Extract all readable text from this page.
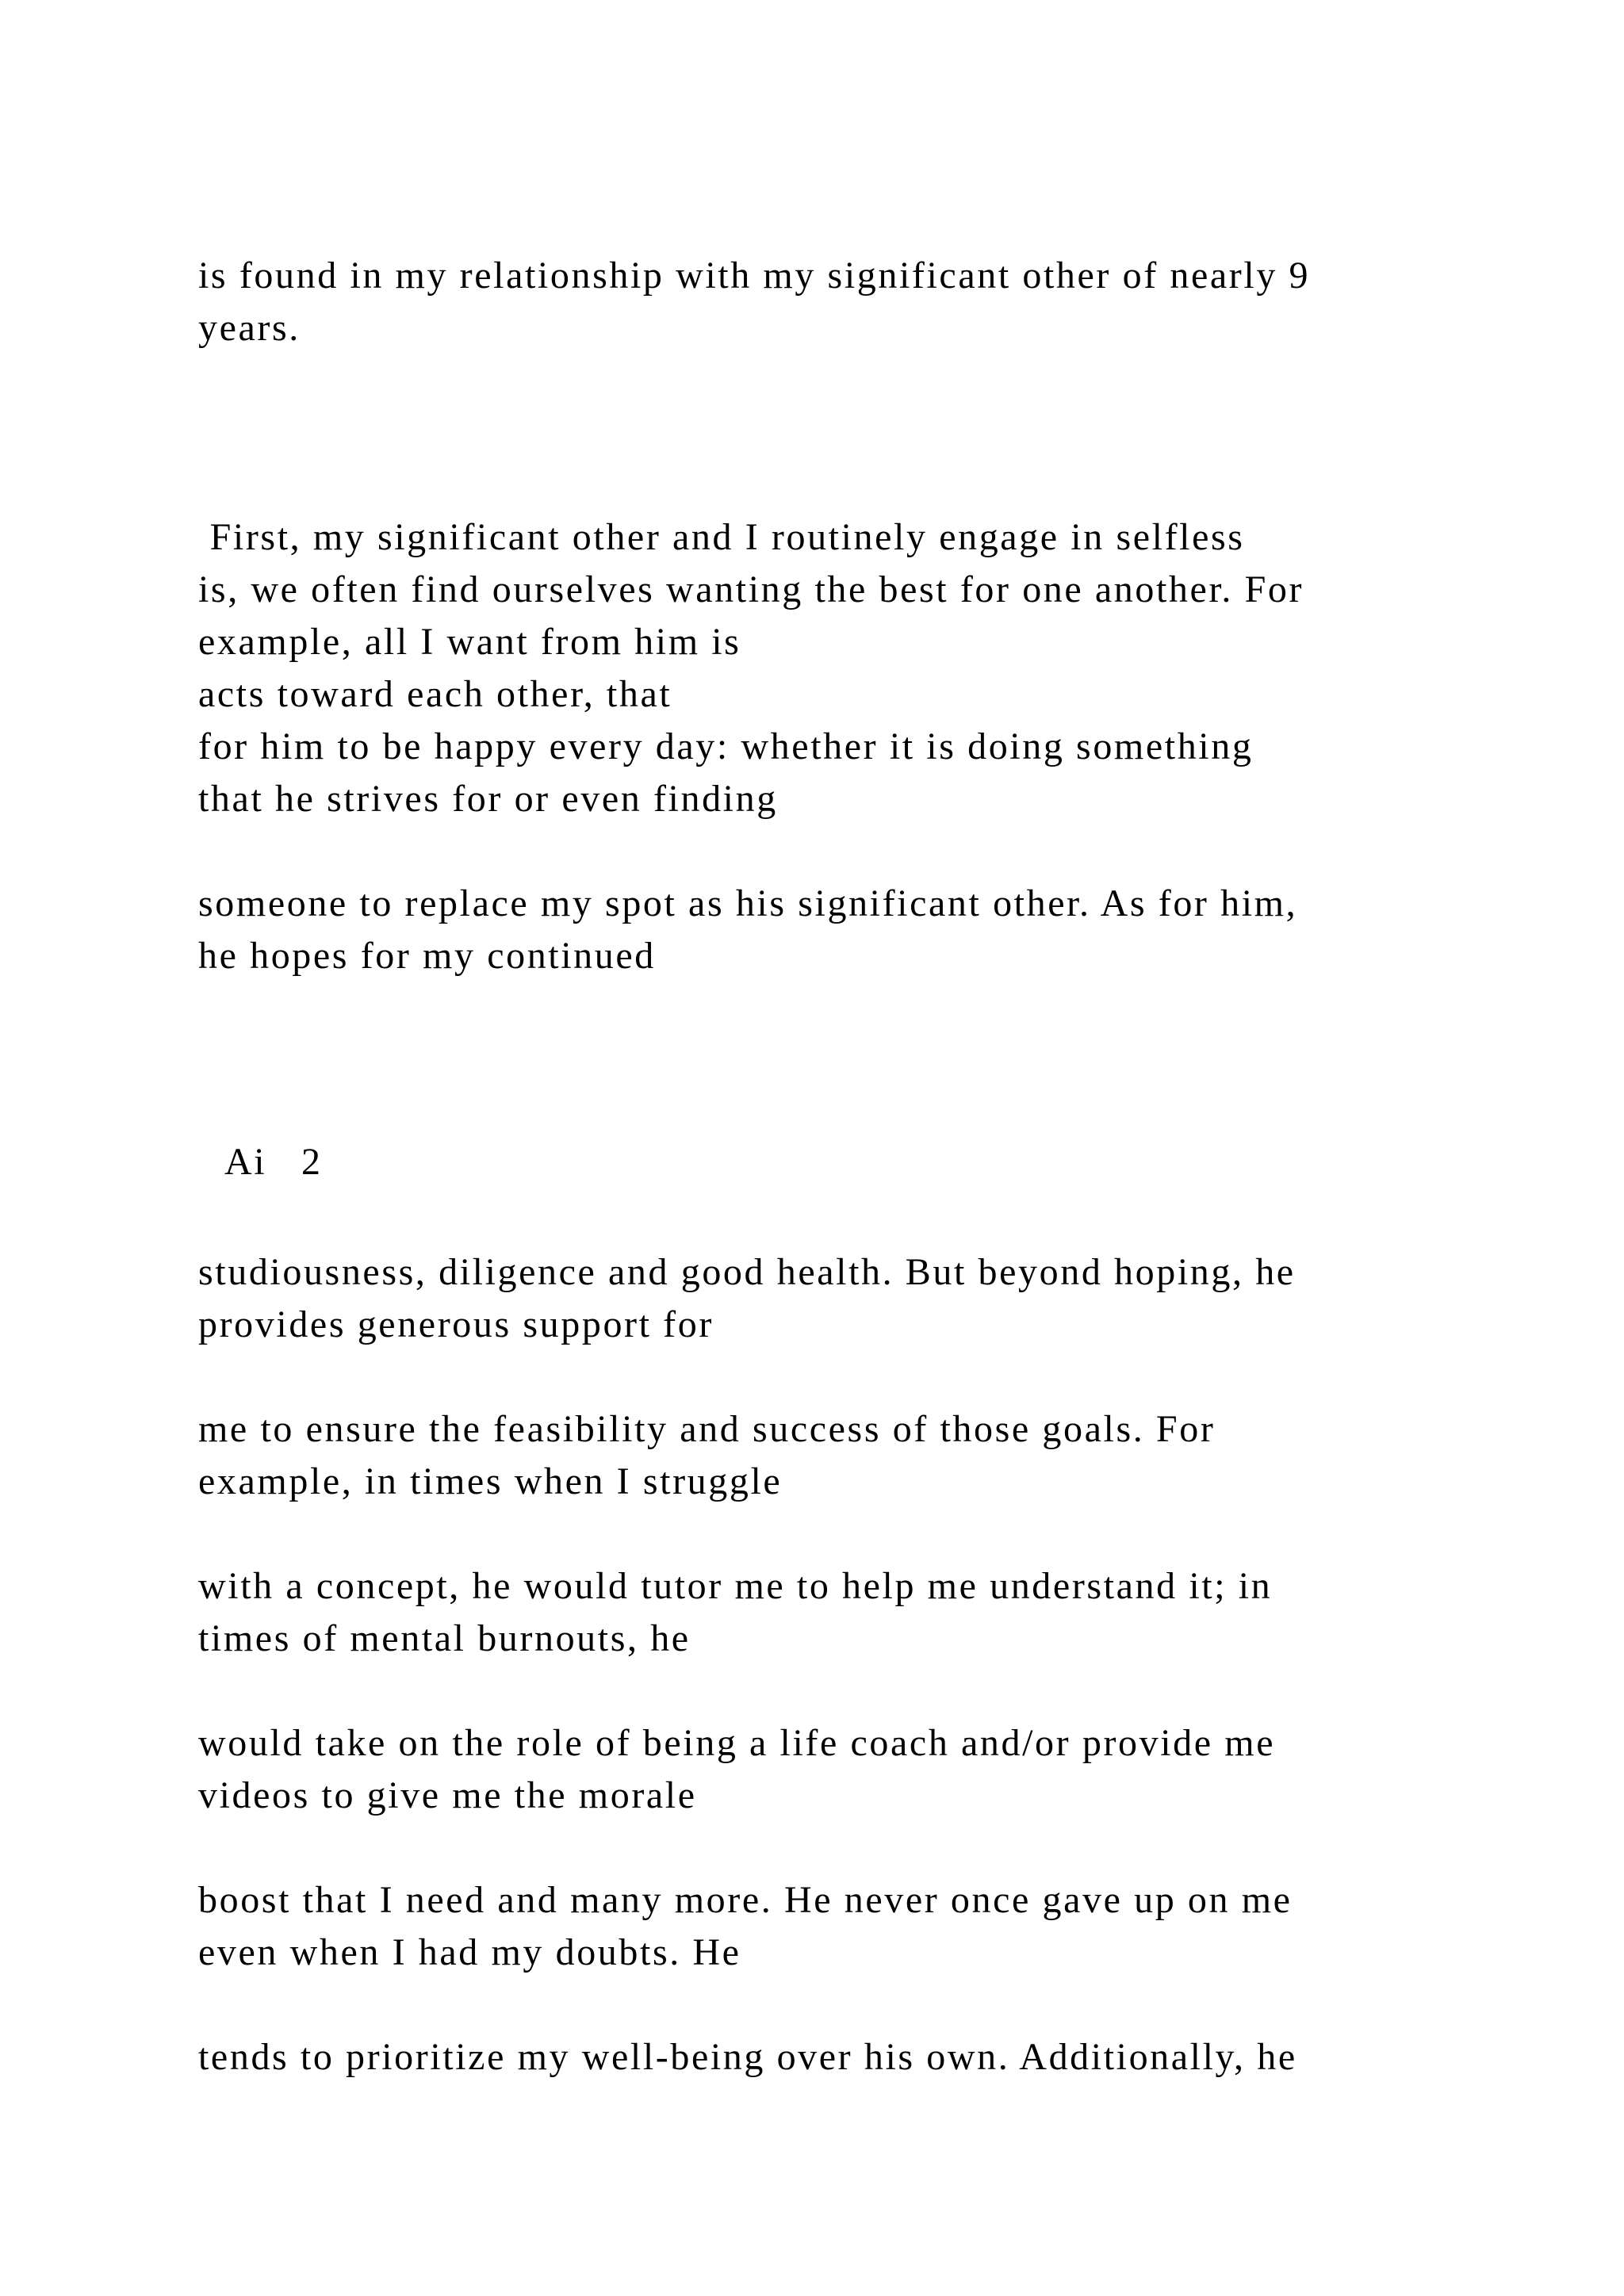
is found in my relationship with my significant other of nearly 9
years.

First, my significant other and I routinely engage in selfless

acts toward each other, that

is, we often find ourselves wanting the best for one another. For
example, all I want from him is

for him to be happy every day: whether it is doing something
that he strives for or even finding

someone to replace my spot as his significant other. As for him,
he hopes for my continued

Ai 2

studiousness, diligence and good health. But beyond hoping, he
provides generous support for

me to ensure the feasibility and success of those goals. For
example, in times when I struggle

with a concept, he would tutor me to help me understand it; in
times of mental burnouts, he

would take on the role of being a life coach and/or provide me
videos to give me the morale

boost that I need and many more. He never once gave up on me
even when I had my doubts. He

tends to prioritize my well-being over his own. Additionally, he
